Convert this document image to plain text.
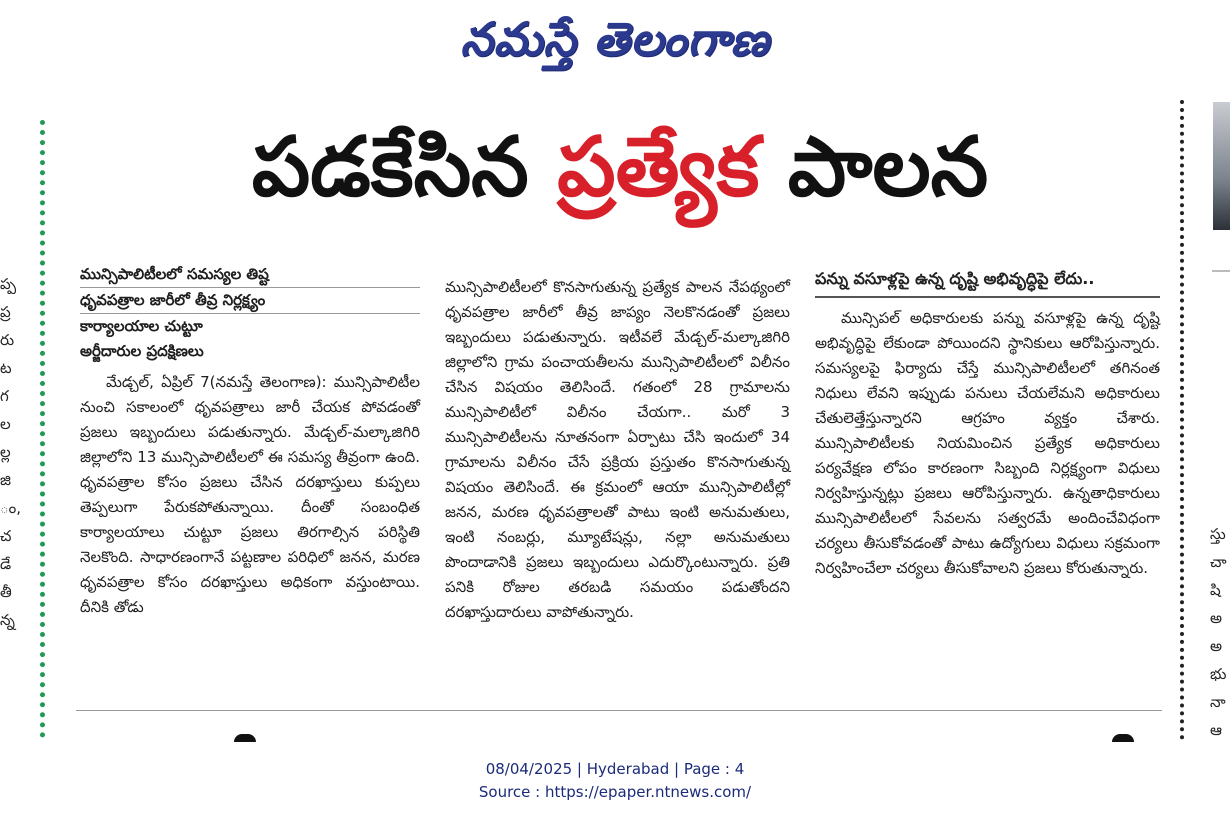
నమస్తే తెలంగాణ
పడకేసిన ప్రత్యేక పాలన
ప్ప
ప్ర
రు
ట
గ
ల
ల్ల
జి
ం,
చ
డే
తీ
న్న
స్తు
చా
షి
అ
అ
భు
నా
ఆ

మున్సిపాలిటీలలో సమస్యల తిష్ట

ధృవపత్రాల జారీలో తీవ్ర నిర్లక్ష్యం

కార్యాలయాల చుట్టూ

అర్జీదారుల ప్రదక్షిణలు

మేడ్చల్, ఏప్రిల్ 7(నమస్తే తెలంగాణ): మున్సిపాలిటీల నుంచి సకాలంలో ధృవపత్రాలు జారీ చేయక పోవడంతో ప్రజలు ఇబ్బందులు పడుతున్నారు. మేడ్చల్-మల్కాజిగిరి జిల్లాలోని 13 మున్సిపాలిటీలలో ఈ సమస్య తీవ్రంగా ఉంది. ధృవపత్రాల కోసం ప్రజలు చేసిన దరఖాస్తులు కుప్పలు తెప్పలుగా పేరుకపోతున్నాయి. దీంతో సంబంధిత కార్యాలయాలు చుట్టూ ప్రజలు తిరగాల్సిన పరిస్థితి నెలకొంది. సాధారణంగానే పట్టణాల పరిధిలో జనన, మరణ ధృవపత్రాల కోసం దరఖాస్తులు అధికంగా వస్తుంటాయి. దీనికి తోడు

మున్సిపాలిటీలలో కొనసాగుతున్న ప్రత్యేక పాలన నేపథ్యంలో ధృవపత్రాల జారీలో తీవ్ర జాప్యం నెలకొనడంతో ప్రజలు ఇబ్బందులు పడుతున్నారు. ఇటీవలే మేడ్చల్-మల్కాజిగిరి జిల్లాలోని గ్రామ పంచాయతీలను మున్సిపాలిటీలలో విలీనం చేసిన విషయం తెలిసిందే. గతంలో 28 గ్రామాలను మున్సిపాలిటీలో విలీనం చేయగా.. మరో 3 మున్సిపాలిటీలను నూతనంగా ఏర్పాటు చేసి ఇందులో 34 గ్రామాలను విలీనం చేసే ప్రక్రియ ప్రస్తుతం కొనసాగుతున్న విషయం తెలిసిందే. ఈ క్రమంలో ఆయా మున్సిపాలిటీల్లో జనన, మరణ ధృవపత్రాలతో పాటు ఇంటి అనుమతులు, ఇంటి నంబర్లు, మ్యూటేషన్లు, నల్లా అనుమతులు పొందాడానికి ప్రజలు ఇబ్బందులు ఎదుర్కొంటున్నారు. ప్రతి పనికి రోజుల తరబడి సమయం పడుతోందని దరఖాస్తుదారులు వాపోతున్నారు.

పన్ను వసూళ్లపై ఉన్న దృష్టి అభివృద్ధిపై లేదు..

మున్సిపల్ అధికారులకు పన్ను వసూళ్లపై ఉన్న దృష్టి అభివృద్ధిపై లేకుండా పోయిందని స్థానికులు ఆరోపిస్తున్నారు. సమస్యలపై ఫిర్యాదు చేస్తే మున్సిపాలిటీలలో తగినంత నిధులు లేవని ఇప్పుడు పనులు చేయలేమని అధికారులు చేతులెత్తేస్తున్నారని ఆగ్రహం వ్యక్తం చేశారు. మున్సిపాలిటీలకు నియమించిన ప్రత్యేక అధికారులు పర్యవేక్షణ లోపం కారణంగా సిబ్బంది నిర్లక్ష్యంగా విధులు నిర్వహిస్తున్నట్లు ప్రజలు ఆరోపిస్తున్నారు. ఉన్నతాధికారులు మున్సిపాలిటీలలో సేవలను సత్వరమే అందించేవిధంగా చర్యలు తీసుకోవడంతో పాటు ఉద్యోగులు విధులు సక్రమంగా నిర్వహించేలా చర్యలు తీసుకోవాలని ప్రజలు కోరుతున్నారు.

08/04/2025 | Hyderabad | Page : 4
Source : https://epaper.ntnews.com/
